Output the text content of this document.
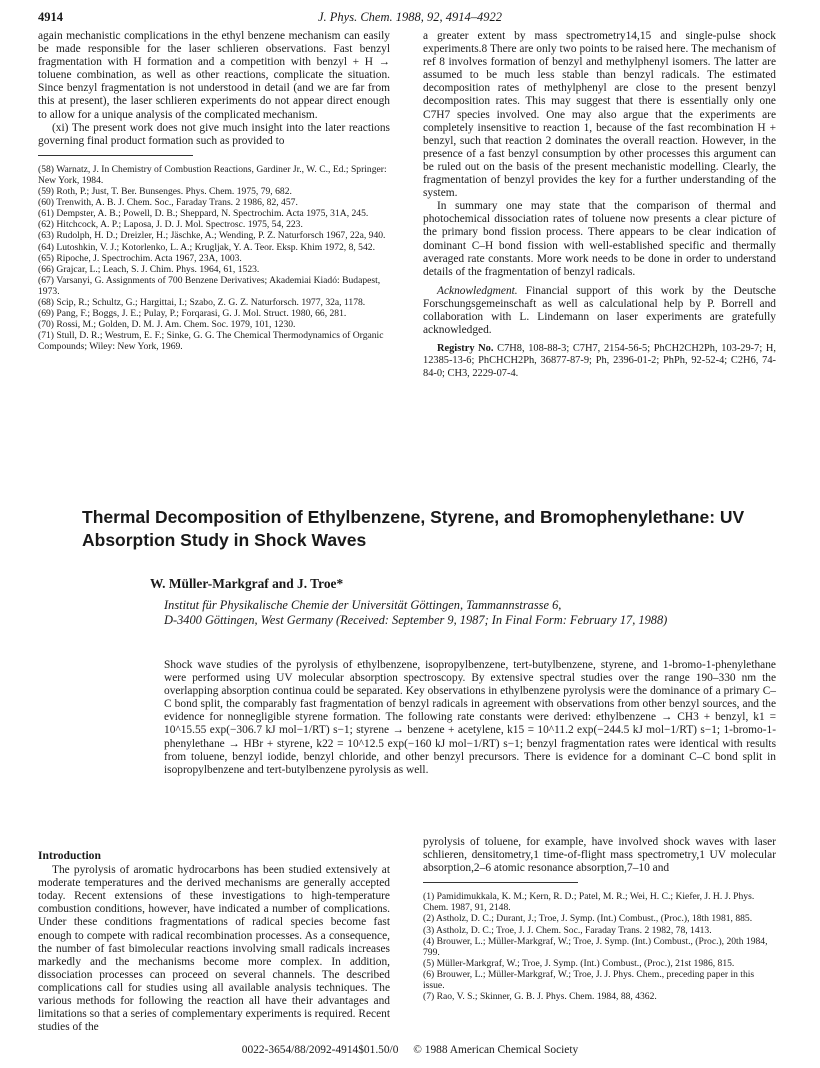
4914	J. Phys. Chem. 1988, 92, 4914–4922

again mechanistic complications in the ethyl benzene mechanism can easily be made responsible for the laser schlieren observations. Fast benzyl fragmentation with H formation and a competition with benzyl + H → toluene combination, as well as other reactions, complicate the situation. Since benzyl fragmentation is not understood in detail (and we are far from this at present), the laser schlieren experiments do not appear direct enough to allow for a unique analysis of the complicated mechanism.

(xi) The present work does not give much insight into the later reactions governing final product formation such as provided to

(58) Warnatz, J. In Chemistry of Combustion Reactions, Gardiner Jr., W. C., Ed.; Springer: New York, 1984.

(59) Roth, P.; Just, T. Ber. Bunsenges. Phys. Chem. 1975, 79, 682.

(60) Trenwith, A. B. J. Chem. Soc., Faraday Trans. 2 1986, 82, 457.

(61) Dempster, A. B.; Powell, D. B.; Sheppard, N. Spectrochim. Acta 1975, 31A, 245.

(62) Hitchcock, A. P.; Laposa, J. D. J. Mol. Spectrosc. 1975, 54, 223.

(63) Rudolph, H. D.; Dreizler, H.; Jäschke, A.; Wending, P. Z. Naturforsch 1967, 22a, 940.

(64) Lutoshkin, V. J.; Kotorlenko, L. A.; Krugljak, Y. A. Teor. Eksp. Khim 1972, 8, 542.

(65) Ripoche, J. Spectrochim. Acta 1967, 23A, 1003.

(66) Grajcar, L.; Leach, S. J. Chim. Phys. 1964, 61, 1523.

(67) Varsanyi, G. Assignments of 700 Benzene Derivatives; Akademiai Kiadó: Budapest, 1973.

(68) Scip, R.; Schultz, G.; Hargittai, I.; Szabo, Z. G. Z. Naturforsch. 1977, 32a, 1178.

(69) Pang, F.; Boggs, J. E.; Pulay, P.; Forqarasi, G. J. Mol. Struct. 1980, 66, 281.

(70) Rossi, M.; Golden, D. M. J. Am. Chem. Soc. 1979, 101, 1230.

(71) Stull, D. R.; Westrum, E. F.; Sinke, G. G. The Chemical Thermodynamics of Organic Compounds; Wiley: New York, 1969.

a greater extent by mass spectrometry14,15 and single-pulse shock experiments.8 There are only two points to be raised here. The mechanism of ref 8 involves formation of benzyl and methylphenyl isomers. The latter are assumed to be much less stable than benzyl radicals. The estimated decomposition rates of methylphenyl are close to the present benzyl decomposition rates. This may suggest that there is essentially only one C7H7 species involved. One may also argue that the experiments are completely insensitive to reaction 1, because of the fast recombination H + benzyl, such that reaction 2 dominates the overall reaction. However, in the presence of a fast benzyl consumption by other processes this argument can be ruled out on the basis of the present mechanistic modelling. Clearly, the fragmentation of benzyl provides the key for a further understanding of the system.

In summary one may state that the comparison of thermal and photochemical dissociation rates of toluene now presents a clear picture of the primary bond fission process. There appears to be clear indication of dominant C–H bond fission with well-established specific and thermally averaged rate constants. More work needs to be done in order to understand details of the fragmentation of benzyl radicals.

Acknowledgment. Financial support of this work by the Deutsche Forschungsgemeinschaft as well as calculational help by P. Borrell and collaboration with L. Lindemann on laser experiments are gratefully acknowledged.

Registry No. C7H8, 108-88-3; C7H7, 2154-56-5; PhCH2CH2Ph, 103-29-7; H, 12385-13-6; PhCHCH2Ph, 36877-87-9; Ph, 2396-01-2; PhPh, 92-52-4; C2H6, 74-84-0; CH3, 2229-07-4.

Thermal Decomposition of Ethylbenzene, Styrene, and Bromophenylethane: UV Absorption Study in Shock Waves
W. Müller-Markgraf and J. Troe*
Institut für Physikalische Chemie der Universität Göttingen, Tammannstrasse 6,
D-3400 Göttingen, West Germany (Received: September 9, 1987; In Final Form: February 17, 1988)
Shock wave studies of the pyrolysis of ethylbenzene, isopropylbenzene, tert-butylbenzene, styrene, and 1-bromo-1-phenylethane were performed using UV molecular absorption spectroscopy. By extensive spectral studies over the range 190–330 nm the overlapping absorption continua could be separated. Key observations in ethylbenzene pyrolysis were the dominance of a primary C–C bond split, the comparably fast fragmentation of benzyl radicals in agreement with observations from other benzyl sources, and the evidence for nonnegligible styrene formation. The following rate constants were derived: ethylbenzene → CH3 + benzyl, k1 = 10^15.55 exp(−306.7 kJ mol−1/RT) s−1; styrene → benzene + acetylene, k15 = 10^11.2 exp(−244.5 kJ mol−1/RT) s−1; 1-bromo-1-phenylethane → HBr + styrene, k22 = 10^12.5 exp(−160 kJ mol−1/RT) s−1; benzyl fragmentation rates were identical with results from toluene, benzyl iodide, benzyl chloride, and other benzyl precursors. There is evidence for a dominant C–C bond split in isopropylbenzene and tert-butylbenzene pyrolysis as well.
Introduction

The pyrolysis of aromatic hydrocarbons has been studied extensively at moderate temperatures and the derived mechanisms are generally accepted today. Recent extensions of these investigations to high-temperature combustion conditions, however, have indicated a number of complications. Under these conditions fragmentations of radical species become fast enough to compete with radical recombination processes. As a consequence, the number of fast bimolecular reactions involving small radicals increases markedly and the mechanisms become more complex. In addition, dissociation processes can proceed on several channels. The described complications call for studies using all available analysis techniques. The various methods for following the reaction all have their advantages and limitations so that a series of complementary experiments is required. Recent studies of the

pyrolysis of toluene, for example, have involved shock waves with laser schlieren, densitometry,1 time-of-flight mass spectrometry,1 UV molecular absorption,2–6 atomic resonance absorption,7–10 and

(1) Pamidimukkala, K. M.; Kern, R. D.; Patel, M. R.; Wei, H. C.; Kiefer, J. H. J. Phys. Chem. 1987, 91, 2148.

(2) Astholz, D. C.; Durant, J.; Troe, J. Symp. (Int.) Combust., (Proc.), 18th 1981, 885.

(3) Astholz, D. C.; Troe, J. J. Chem. Soc., Faraday Trans. 2 1982, 78, 1413.

(4) Brouwer, L.; Müller-Markgraf, W.; Troe, J. Symp. (Int.) Combust., (Proc.), 20th 1984, 799.

(5) Müller-Markgraf, W.; Troe, J. Symp. (Int.) Combust., (Proc.), 21st 1986, 815.

(6) Brouwer, L.; Müller-Markgraf, W.; Troe, J. J. Phys. Chem., preceding paper in this issue.

(7) Rao, V. S.; Skinner, G. B. J. Phys. Chem. 1984, 88, 4362.

0022-3654/88/2092-4914$01.50/0 © 1988 American Chemical Society
